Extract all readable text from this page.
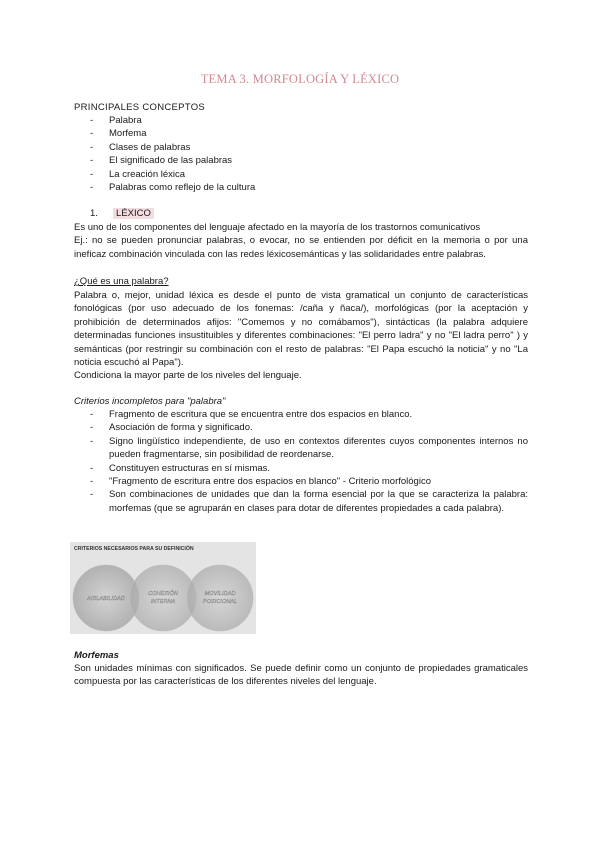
TEMA 3. MORFOLOGÍA Y LÉXICO
PRINCIPALES CONCEPTOS
- Palabra
- Morfema
- Clases de palabras
- El significado de las palabras
- La creación léxica
- Palabras como reflejo de la cultura
1. LÉXICO
Es uno de los componentes del lenguaje afectado en la mayoría de los trastornos comunicativos
Ej.: no se pueden pronunciar palabras, o evocar, no se entienden por déficit en la memoria o por una ineficaz combinación vinculada con las redes léxicosemánticas y las solidaridades entre palabras.
¿Qué es una palabra?
Palabra o, mejor, unidad léxica es desde el punto de vista gramatical un conjunto de características fonológicas (por uso adecuado de los fonemas: /caña y ñaca/), morfológicas (por la aceptación y prohibición de determinados afijos: "Comemos y no comábamos"), sintácticas (la palabra adquiere determinadas funciones insustituibles y diferentes combinaciones: "El perro ladra" y no "El ladra perro" ) y semánticas (por restringir su combinación con el resto de palabras: "El Papa escuchó la noticia" y no "La noticia escuchó al Papa").
Condiciona la mayor parte de los niveles del lenguaje.
Criterios incompletos para "palabra"
- Fragmento de escritura que se encuentra entre dos espacios en blanco.
- Asociación de forma y significado.
- Signo lingüístico independiente, de uso en contextos diferentes cuyos componentes internos no pueden fragmentarse, sin posibilidad de reordenarse.
- Constituyen estructuras en sí mismas.
- "Fragmento de escritura entre dos espacios en blanco" - Criterio morfológico
- Son combinaciones de unidades que dan la forma esencial por la que se caracteriza la palabra: morfemas (que se agruparán en clases para dotar de diferentes propiedades a cada palabra).
CRITERIOS NECESARIOS PARA SU DEFINICIÓN
AISLABILIDAD
COHESIÓN
INTERNA
MOVILIDAD
POSICIONAL
Morfemas
Son unidades mínimas con significados. Se puede definir como un conjunto de propiedades gramaticales compuesta por las características de los diferentes niveles del lenguaje.
